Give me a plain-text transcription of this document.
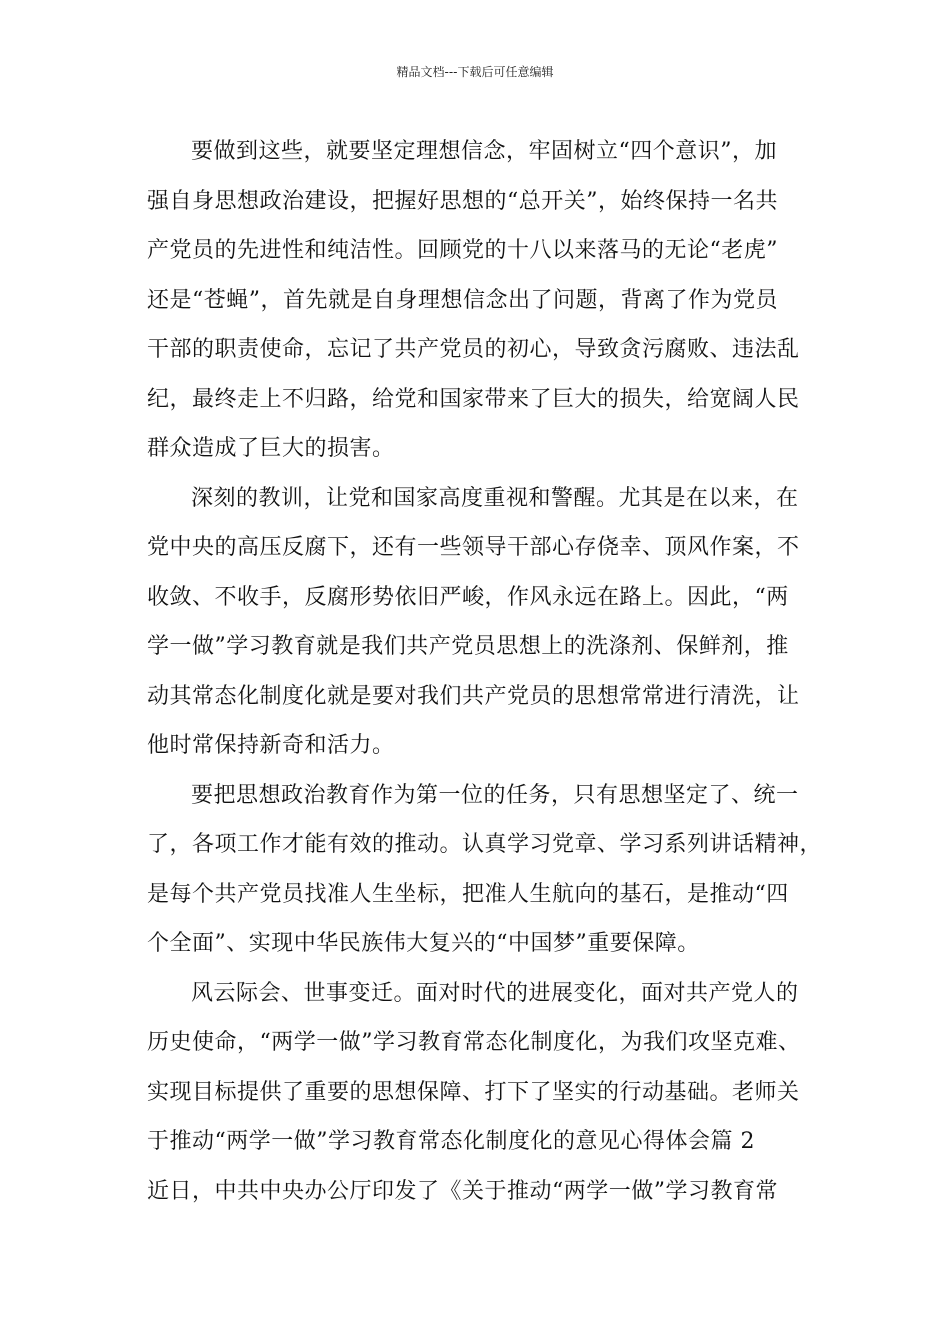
精品文档---下载后可任意编辑
要做到这些，就要坚定理想信念，牢固树立“四个意识”，加
强自身思想政治建设，把握好思想的“总开关”，始终保持一名共
产党员的先进性和纯洁性。回顾党的十八以来落马的无论“老虎”
还是“苍蝇”，首先就是自身理想信念出了问题，背离了作为党员
干部的职责使命，忘记了共产党员的初心，导致贪污腐败、违法乱
纪，最终走上不归路，给党和国家带来了巨大的损失，给宽阔人民
群众造成了巨大的损害。
深刻的教训，让党和国家高度重视和警醒。尤其是在以来，在
党中央的高压反腐下，还有一些领导干部心存侥幸、顶风作案，不
收敛、不收手，反腐形势依旧严峻，作风永远在路上。因此，“两
学一做”学习教育就是我们共产党员思想上的洗涤剂、保鲜剂，推
动其常态化制度化就是要对我们共产党员的思想常常进行清洗，让
他时常保持新奇和活力。
要把思想政治教育作为第一位的任务，只有思想坚定了、统一
了，各项工作才能有效的推动。认真学习党章、学习系列讲话精神，
是每个共产党员找准人生坐标，把准人生航向的基石，是推动“四
个全面”、实现中华民族伟大复兴的“中国梦”重要保障。
风云际会、世事变迁。面对时代的进展变化，面对共产党人的
历史使命，“两学一做”学习教育常态化制度化，为我们攻坚克难、
实现目标提供了重要的思想保障、打下了坚实的行动基础。老师关
于推动“两学一做”学习教育常态化制度化的意见心得体会篇 2
近日，中共中央办公厅印发了《关于推动“两学一做”学习教育常
